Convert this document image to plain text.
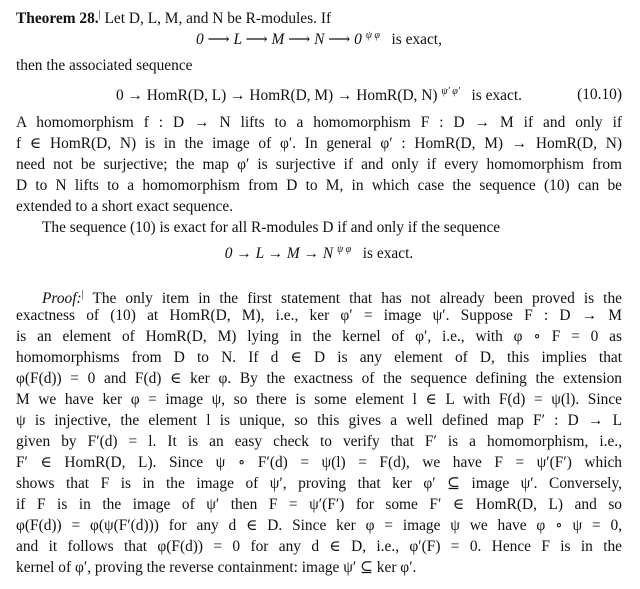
Theorem 28.| Let D, L, M, and N be R-modules. If
0 ⟶ L ⟶ M ⟶ N ⟶ 0 $^{\psi \varphi}$ is exact,
then the associated sequence
0 → HomR(D, L) → HomR(D, M) → HomR(D, N) $^{\psi' \varphi'}$ is exact.	(10.10)
A homomorphism f : D → N lifts to a homomorphism F : D → M if and only if
f ∈ HomR(D, N) is in the image of φ′. In general φ′ : HomR(D, M) → HomR(D, N)
need not be surjective; the map φ′ is surjective if and only if every homomorphism from
D to N lifts to a homomorphism from D to M, in which case the sequence (10) can be
extended to a short exact sequence.
The sequence (10) is exact for all R-modules D if and only if the sequence
0 → L → M → N $^{\psi \varphi}$ is exact.
Proof:| The only item in the first statement that has not already been proved is the
exactness of (10) at HomR(D, M), i.e., ker φ′ = image ψ′. Suppose F : D → M
is an element of HomR(D, M) lying in the kernel of φ′, i.e., with φ ∘ F = 0 as
homomorphisms from D to N. If d ∈ D is any element of D, this implies that
φ(F(d)) = 0 and F(d) ∈ ker φ. By the exactness of the sequence defining the extension
M we have ker φ = image ψ, so there is some element l ∈ L with F(d) = ψ(l). Since
ψ is injective, the element l is unique, so this gives a well defined map F′ : D → L
given by F′(d) = l. It is an easy check to verify that F′ is a homomorphism, i.e.,
F′ ∈ HomR(D, L). Since ψ ∘ F′(d) = ψ(l) = F(d), we have F = ψ′(F′) which
shows that F is in the image of ψ′, proving that ker φ′ ⊆ image ψ′. Conversely,
if F is in the image of ψ′ then F = ψ′(F′) for some F′ ∈ HomR(D, L) and so
φ(F(d)) = φ(ψ(F′(d))) for any d ∈ D. Since ker φ = image ψ we have φ ∘ ψ = 0,
and it follows that φ(F(d)) = 0 for any d ∈ D, i.e., φ′(F) = 0. Hence F is in the
kernel of φ′, proving the reverse containment: image ψ′ ⊆ ker φ′.
